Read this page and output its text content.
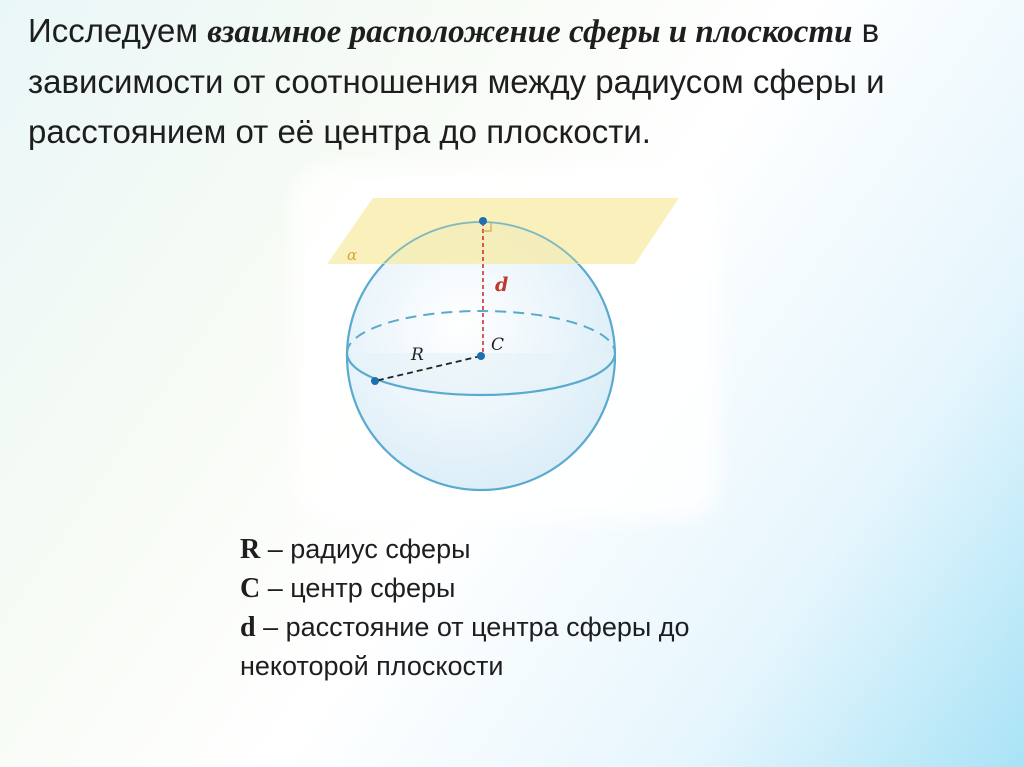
Исследуем взаимное расположение сферы и плоскости в зависимости от соотношения между радиусом сферы и расстоянием от её центра до плоскости.
α
d
R	C
R – радиус сферы
C – центр сферы
d – расстояние от центра сферы до некоторой плоскости
